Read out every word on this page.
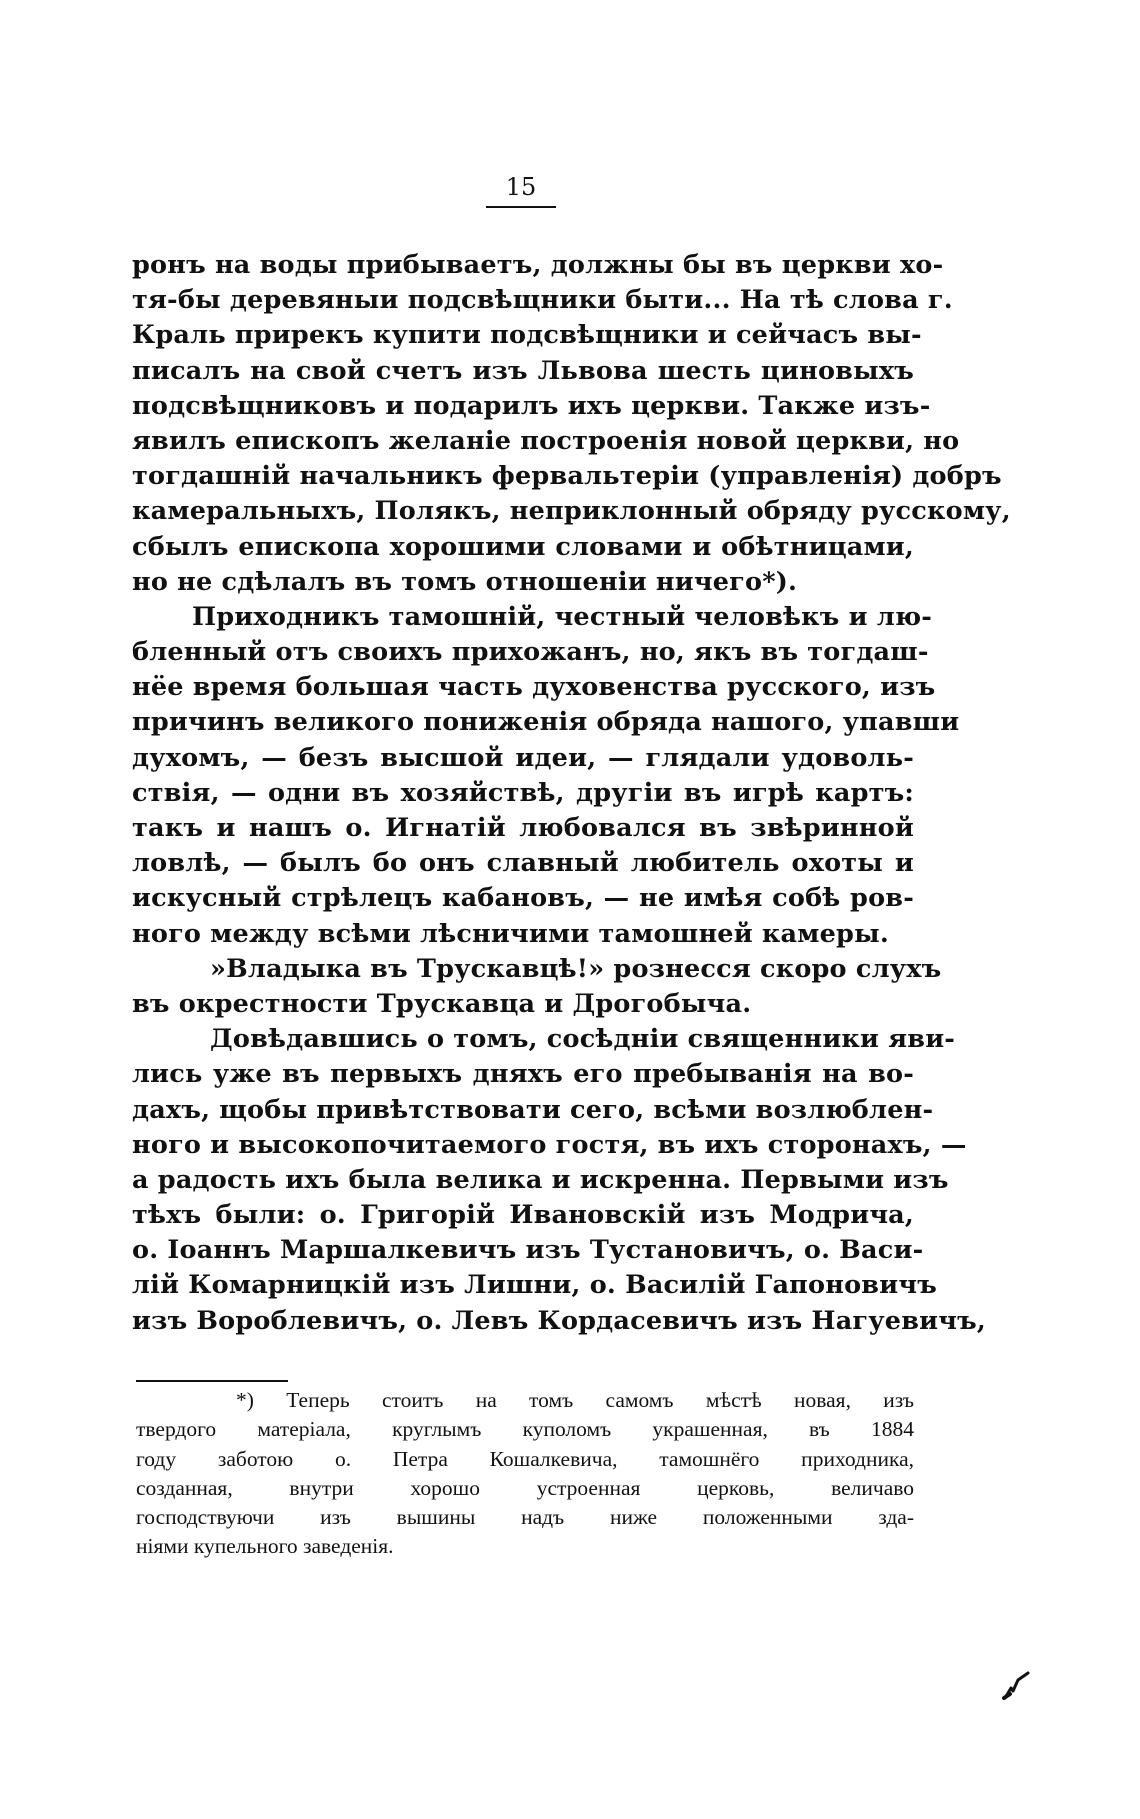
15
ронъ на воды прибываетъ, должны бы въ церкви хо-
тя-бы деревяныи подсвѣщники быти... На тѣ слова г.
Краль прирекъ купити подсвѣщники и сейчасъ вы-
писалъ на свой счетъ изъ Львова шесть циновыхъ
подсвѣщниковъ и подарилъ ихъ церкви. Также изъ-
явилъ епископъ желаніе построенія новой церкви, но
тогдашній начальникъ фервальтеріи (управленія) добръ
камеральныхъ, Полякъ, неприклонный обряду русскому,
сбылъ епископа хорошими словами и обѣтницами,
но не сдѣлалъ въ томъ отношеніи ничего*).
Приходникъ тамошній, честный человѣкъ и лю-
бленный отъ своихъ прихожанъ, но, якъ въ тогдаш-
нёе время большая часть духовенства русского, изъ
причинъ великого пониженія обряда нашого, упавши
духомъ, — безъ высшой идеи, — глядали удоволь-
ствія, — одни въ хозяйствѣ, другіи въ игрѣ картъ:
такъ и нашъ о. Игнатій любовался въ звѣринной
ловлѣ, — былъ бо онъ славный любитель охоты и
искусный стрѣлецъ кабановъ, — не имѣя собѣ ров-
ного между всѣми лѣсничими тамошней камеры.
»Владыка въ Трускавцѣ!» рознесся скоро слухъ
въ окрестности Трускавца и Дрогобыча.
Довѣдавшись о томъ, сосѣдніи священники яви-
лись уже въ первыхъ дняхъ его пребыванія на во-
дахъ, щобы привѣтствовати сего, всѣми возлюблен-
ного и высокопочитаемого гостя, въ ихъ сторонахъ, —
а радость ихъ была велика и искренна. Первыми изъ
тѣхъ были: о. Григорій Ивановскій изъ Модрича,
о. Іоаннъ Маршалкевичъ изъ Тустановичъ, о. Васи-
лій Комарницкій изъ Лишни, о. Василій Гапоновичъ
изъ Вороблевичъ, о. Левъ Кордасевичъ изъ Нагуевичъ,
*) Теперь стоитъ на томъ самомъ мѣстѣ новая, изъ
твердого матеріала, круглымъ куполомъ украшенная, въ 1884
году заботою о. Петра Кошалкевича, тамошнёго приходника,
созданная, внутри хорошо устроенная церковь, величаво
господствуючи изъ вышины надъ ниже положенными зда-
ніями купельного заведенія.
